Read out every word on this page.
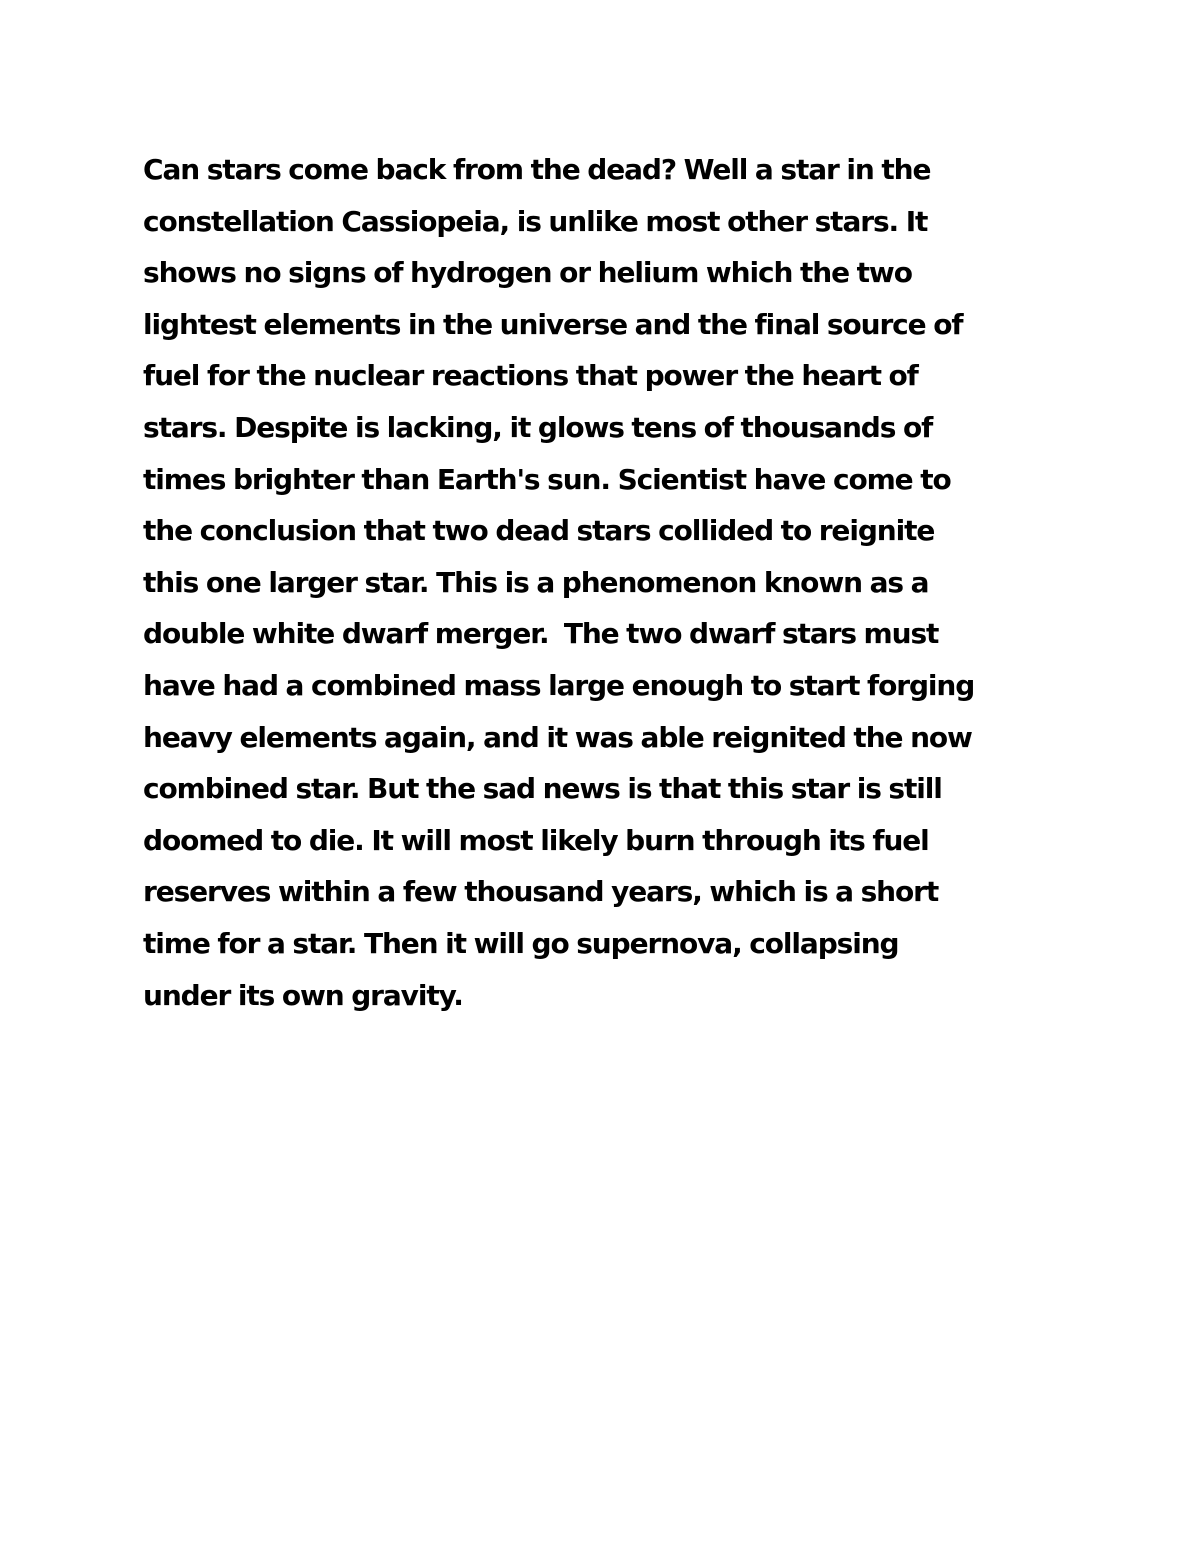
Can stars come back from the dead? Well a star in the
constellation Cassiopeia, is unlike most other stars. It
shows no signs of hydrogen or helium which the two
lightest elements in the universe and the final source of
fuel for the nuclear reactions that power the heart of
stars. Despite is lacking, it glows tens of thousands of
times brighter than Earth's sun. Scientist have come to
the conclusion that two dead stars collided to reignite
this one larger star. This is a phenomenon known as a
double white dwarf merger.  The two dwarf stars must
have had a combined mass large enough to start forging
heavy elements again, and it was able reignited the now
combined star. But the sad news is that this star is still
doomed to die. It will most likely burn through its fuel
reserves within a few thousand years, which is a short
time for a star. Then it will go supernova, collapsing
under its own gravity.
